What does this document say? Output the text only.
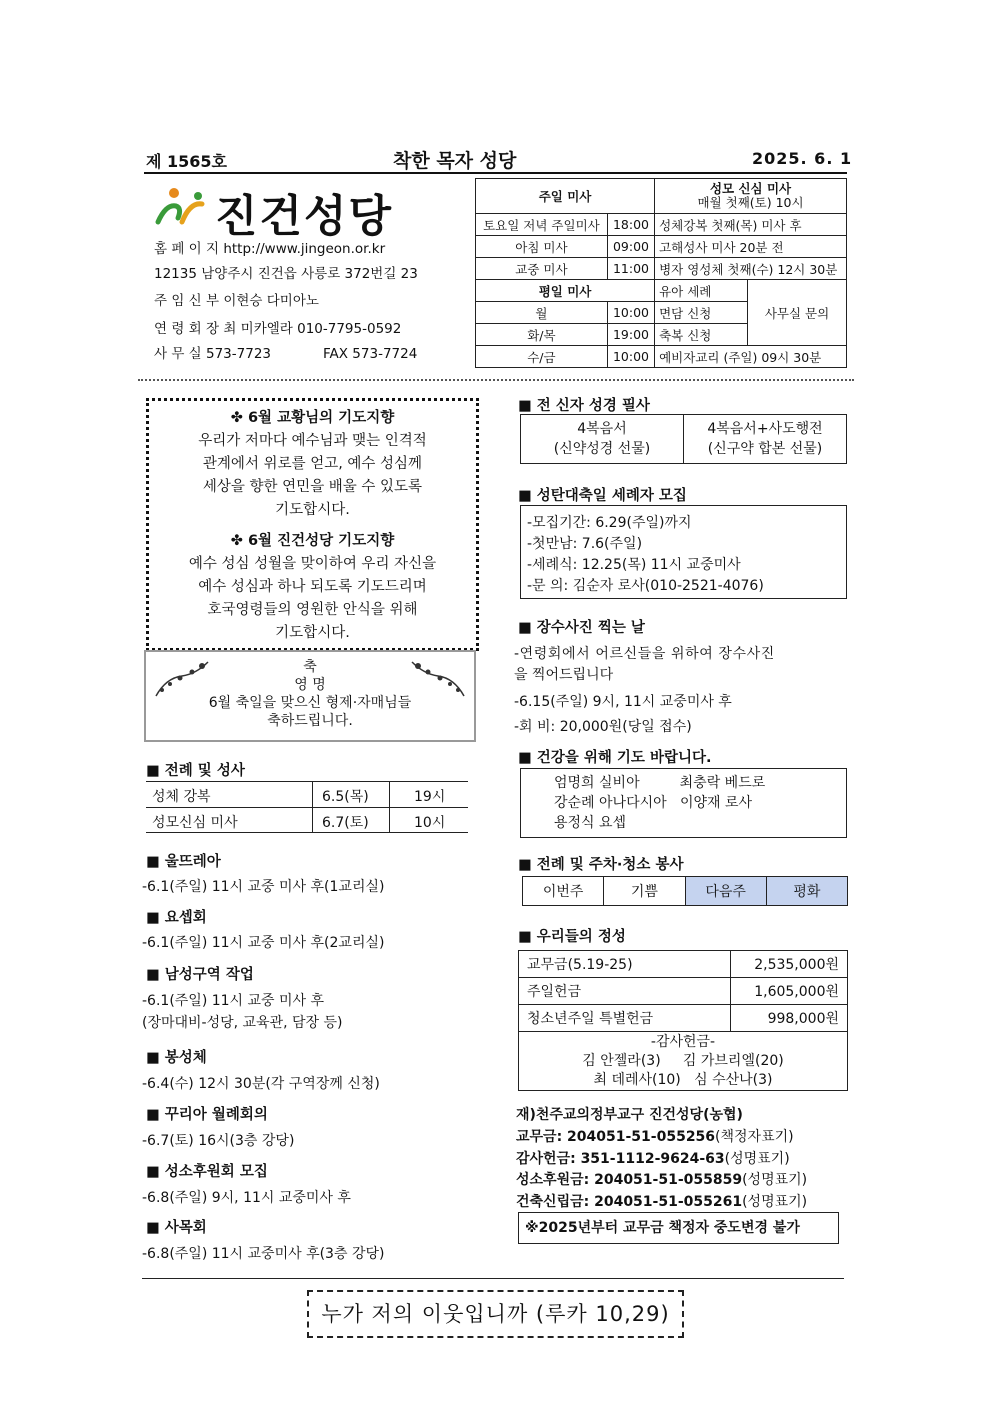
제 1565호	착한 목자 성당	2025. 6. 1
진건성당
홈 페 이 지 http://www.jingeon.or.kr
12135 남양주시 진건읍 사릉로 372번길 23
주 임 신 부 이현승 다미아노
연 령 회 장 최 미카엘라 010-7795-0592
사 무 실 573-7723	FAX 573-7724
주일 미사		성모 신심 미사
매월 첫째(토) 10시	
토요일 저녁 주일미사	18:00	성체강복 첫째(목) 미사 후	
아침 미사	09:00	고해성사 미사 20분 전	
교중 미사	11:00	병자 영성체 첫째(수) 12시 30분	
평일 미사		유아 세례	사무실 문의
월	10:00	면담 신청	
화/목	19:00	축복 신청	
수/금	10:00	예비자교리 (주일) 09시 30분	
✤ 6월 교황님의 기도지향
우리가 저마다 예수님과 맺는 인격적
관계에서 위로를 얻고, 예수 성심께
세상을 향한 연민을 배울 수 있도록
기도합시다.
✤ 6월 진건성당 기도지향
예수 성심 성월을 맞이하여 우리 자신을
예수 성심과 하나 되도록 기도드리며
호국영령들의 영원한 안식을 위해
기도합시다.
축
영 명
6월 축일을 맞으신 형제·자매님들
축하드립니다.
■ 전례 및 성사
성체 강복	6.5(목)	19시
성모신심 미사	6.7(토)	10시
■ 울뜨레아
-6.1(주일) 11시 교중 미사 후(1교리실)
■ 요셉회
-6.1(주일) 11시 교중 미사 후(2교리실)
■ 남성구역 작업
-6.1(주일) 11시 교중 미사 후
(장마대비-성당, 교육관, 담장 등)
■ 봉성체
-6.4(수) 12시 30분(각 구역장께 신청)
■ 꾸리아 월례회의
-6.7(토) 16시(3층 강당)
■ 성소후원회 모집
-6.8(주일) 9시, 11시 교중미사 후
■ 사목회
-6.8(주일) 11시 교중미사 후(3층 강당)
■ 전 신자 성경 필사
4복음서
(신약성경 선물)	4복음서+사도행전
(신구약 합본 선물)
■ 성탄대축일 세례자 모집
-모집기간: 6.29(주일)까지
-첫만남: 7.6(주일)
-세례식: 12.25(목) 11시 교중미사
-문 의: 김순자 로사(010-2521-4076)
■ 장수사진 찍는 날
-연령회에서 어르신들을 위하여 장수사진
을 찍어드립니다
-6.15(주일) 9시, 11시 교중미사 후
-회 비: 20,000원(당일 접수)
■ 건강을 위해 기도 바랍니다.
엄명희 실비아         최충락 베드로
강순례 아나다시아   이양재 로사
용정식 요셉
■ 전례 및 주차·청소 봉사
이번주	기쁨	다음주	평화
■ 우리들의 정성
교무금(5.19-25)	2,535,000원
주일헌금	1,605,000원
청소년주일 특별헌금	998,000원

-감사헌금-
김 안젤라(3)     김 가브리엘(20)
최 데레사(10)   심 수산나(3)	
재)천주교의정부교구 진건성당(농협)
교무금: 204051-51-055256(책정자표기)
감사헌금: 351-1112-9624-63(성명표기)
성소후원금: 204051-51-055859(성명표기)
건축신립금: 204051-51-055261(성명표기)
※2025년부터 교무금 책정자 중도변경 불가
누가 저의 이웃입니까 (루카 10,29)
